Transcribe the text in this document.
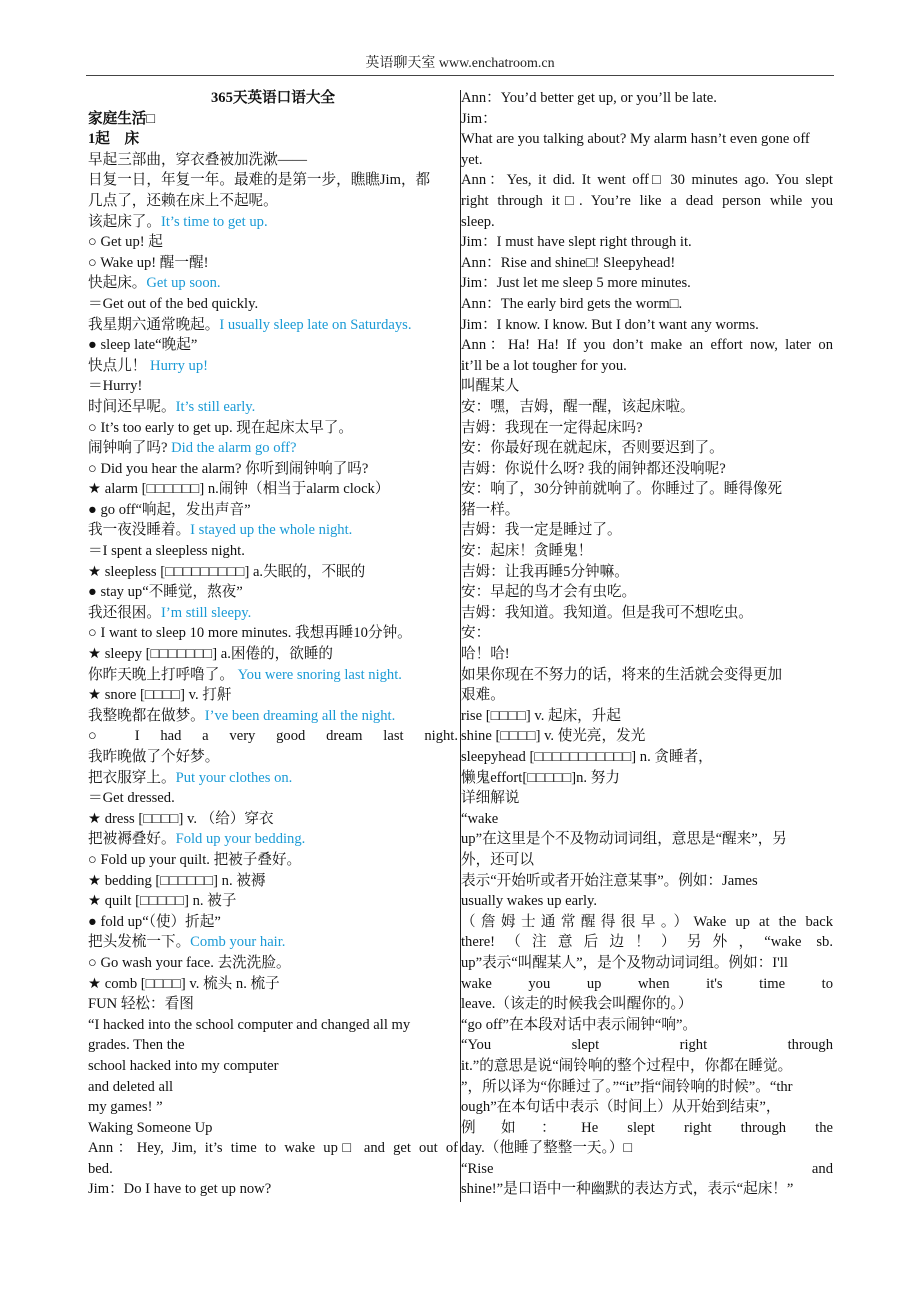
英语聊天室 www.enchatroom.cn
365天英语口语大全
家庭生活□
1起　床
早起三部曲，穿衣叠被加洗漱——
日复一日，年复一年。最难的是第一步，瞧瞧Jim，都
几点了，还赖在床上不起呢。
该起床了。It’s time to get up.
○ Get up! 起
○ Wake up! 醒一醒!
快起床。Get up soon.
＝Get out of the bed quickly.
我星期六通常晚起。I usually sleep late on Saturdays.
● sleep late“晚起”
快点儿！ Hurry up!
＝Hurry!
时间还早呢。It’s still early.
○ It’s too early to get up. 现在起床太早了。
闹钟响了吗? Did the alarm go off?
○ Did you hear the alarm? 你听到闹钟响了吗?
★ alarm [□□□□□□] n.闹钟（相当于alarm clock）
● go off“响起，发出声音”
我一夜没睡着。I stayed up the whole night.
＝I spent a sleepless night.
★ sleepless [□□□□□□□□□] a.失眠的，不眠的
● stay up“不睡觉，熬夜”
我还很困。I’m still sleepy.
○ I want to sleep 10 more minutes. 我想再睡10分钟。
★ sleepy [□□□□□□□] a.困倦的，欲睡的
你昨天晚上打呼噜了。 You were snoring last night.
★ snore [□□□□] v. 打鼾
我整晚都在做梦。I’ve been dreaming all the night.
○ I had a very good dream last night.
我昨晚做了个好梦。
把衣服穿上。Put your clothes on.
＝Get dressed.
★ dress [□□□□] v. （给）穿衣
把被褥叠好。Fold up your bedding.
○ Fold up your quilt. 把被子叠好。
★ bedding [□□□□□□] n. 被褥
★ quilt [□□□□□] n. 被子
● fold up“（使）折起”
把头发梳一下。Comb your hair.
○ Go wash your face. 去洗洗脸。
★ comb [□□□□] v. 梳头 n. 梳子
FUN 轻松：看图
“I hacked into the school computer and changed all my
grades. Then the
school hacked into my computer
and deleted all
my games! ”
Waking Someone Up
Ann：Hey, Jim, it’s time to wake up□ and get out of
bed.
Jim：Do I have to get up now?
Ann：You’d better get up, or you’ll be late.
Jim：
What are you talking about? My alarm hasn’t even gone off
yet.
Ann：Yes, it did. It went off□ 30 minutes ago. You slept
right through it□. You’re like a dead person while you
sleep.
Jim：I must have slept right through it.
Ann：Rise and shine□! Sleepyhead!
Jim：Just let me sleep 5 more minutes.
Ann：The early bird gets the worm□.
Jim：I know. I know. But I don’t want any worms.
Ann：Ha! Ha! If you don’t make an effort now, later on
it’ll be a lot tougher for you.
叫醒某人
安：嘿，吉姆，醒一醒，该起床啦。
吉姆：我现在一定得起床吗?
安：你最好现在就起床，否则要迟到了。
吉姆：你说什么呀? 我的闹钟都还没响呢?
安：响了，30分钟前就响了。你睡过了。睡得像死
猪一样。
吉姆：我一定是睡过了。
安：起床！贪睡鬼！
吉姆：让我再睡5分钟嘛。
安：早起的鸟才会有虫吃。
吉姆：我知道。我知道。但是我可不想吃虫。
安：
哈！哈!
如果你现在不努力的话，将来的生活就会变得更加
艰难。
rise [□□□□] v. 起床，升起
shine [□□□□] v. 使光亮，发光
sleepyhead [□□□□□□□□□□□] n. 贪睡者，
懒鬼effort[□□□□□]n. 努力
详细解说
“wake
up”在这里是个不及物动词词组，意思是“醒来”，另
外，还可以
表示“开始听或者开始注意某事”。例如：James
usually wakes up early.
（詹姆士通常醒得很早。）Wake up at the back
there!（注意后边！）另外，“wake sb.
up”表示“叫醒某人”，是个及物动词词组。例如：I'll
wake you up when it's time to
leave.（该走的时候我会叫醒你的。）
“go off”在本段对话中表示闹钟“响”。
“You slept right through
it.”的意思是说“闹铃响的整个过程中，你都在睡觉。
”，所以译为“你睡过了。”“it”指“闹铃响的时候”。“thr
ough”在本句话中表示（时间上）从开始到结束”，
例如：He slept right through the
day.（他睡了整整一天。）□
“Rise and
shine!”是口语中一种幽默的表达方式，表示“起床！”
